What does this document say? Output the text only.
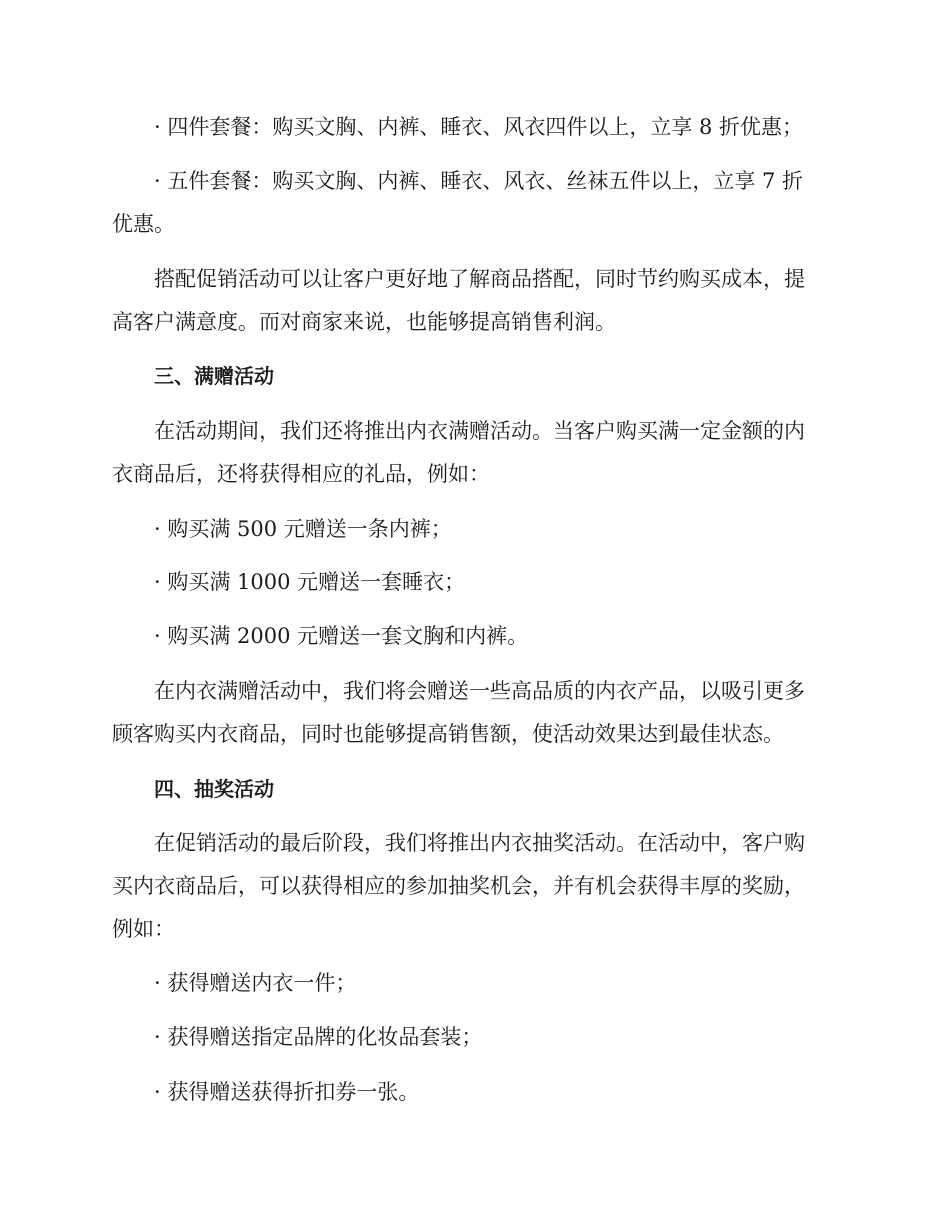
· 四件套餐：购买文胸、内裤、睡衣、风衣四件以上，立享 8 折优惠；
· 五件套餐：购买文胸、内裤、睡衣、风衣、丝袜五件以上，立享 7 折
优惠。
搭配促销活动可以让客户更好地了解商品搭配，同时节约购买成本，提
高客户满意度。而对商家来说，也能够提高销售利润。
三、满赠活动
在活动期间，我们还将推出内衣满赠活动。当客户购买满一定金额的内
衣商品后，还将获得相应的礼品，例如：
· 购买满 500 元赠送一条内裤；
· 购买满 1000 元赠送一套睡衣；
· 购买满 2000 元赠送一套文胸和内裤。
在内衣满赠活动中，我们将会赠送一些高品质的内衣产品，以吸引更多
顾客购买内衣商品，同时也能够提高销售额，使活动效果达到最佳状态。
四、抽奖活动
在促销活动的最后阶段，我们将推出内衣抽奖活动。在活动中，客户购
买内衣商品后，可以获得相应的参加抽奖机会，并有机会获得丰厚的奖励，
例如：
· 获得赠送内衣一件；
· 获得赠送指定品牌的化妆品套装；
· 获得赠送获得折扣券一张。
